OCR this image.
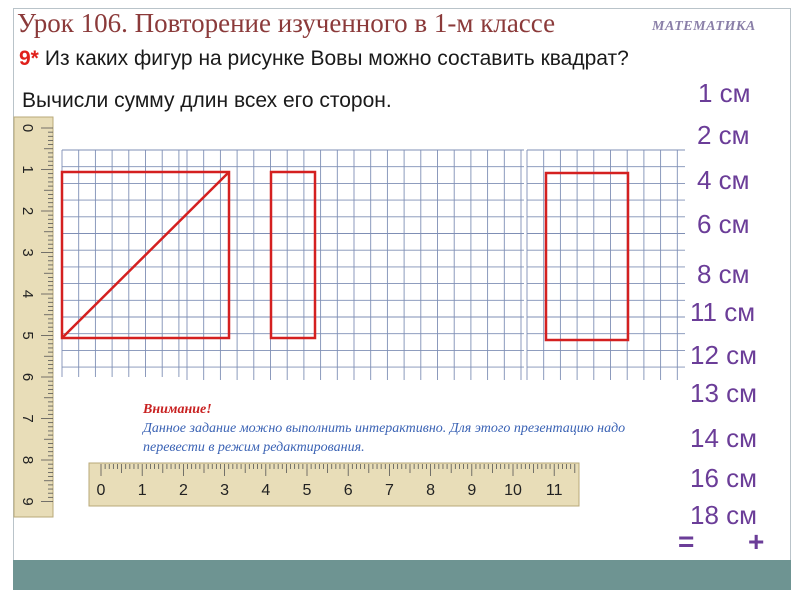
Урок 106. Повторение изученного в 1-м классе	МАТЕМАТИКА
9* Из каких фигур на рисунке Вовы можно составить квадрат?
Вычисли сумму длин всех его сторон.
0
1
2
3
4
5
6
7
8
9
0 1 2 3 4 5 6 7 8 9 10 11
Внимание!
Данное задание можно выполнить интерактивно. Для этого презентацию надо перевести в режим редактирования.
1 см
2 см
4 см
6 см
8 см
11 см
12 см
13 см
14 см
16 см
18 см
= +
